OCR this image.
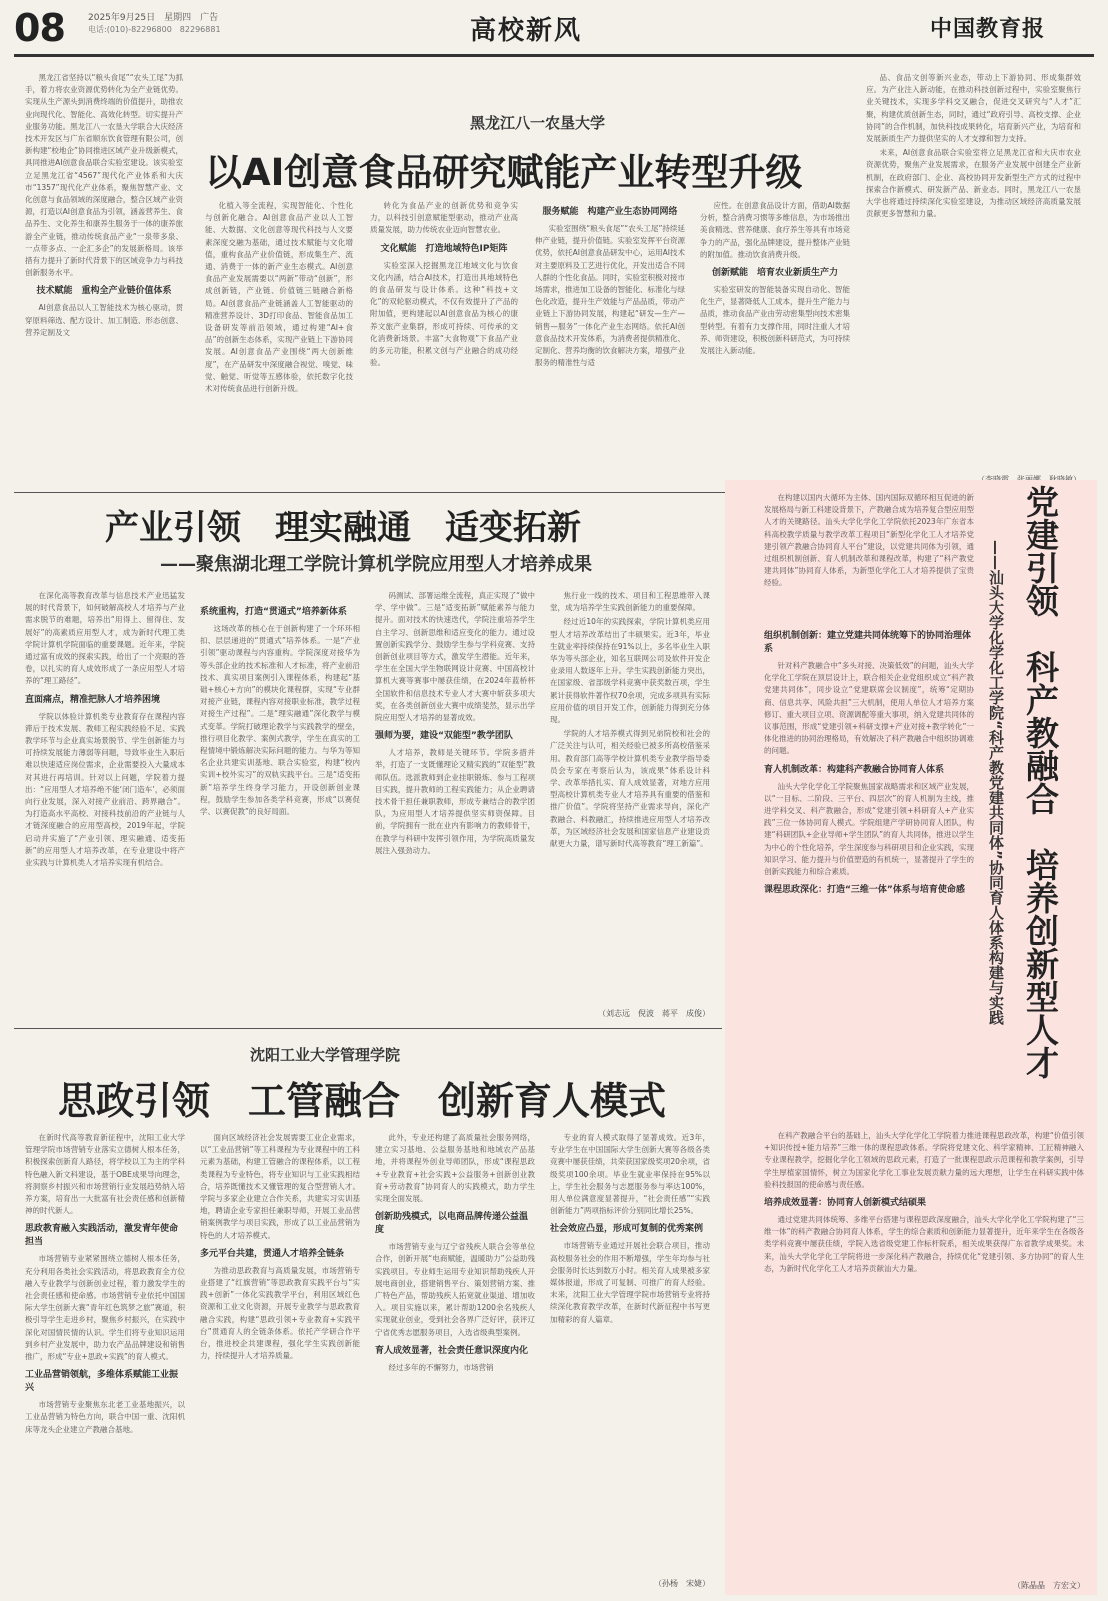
08	2025年9月25日　星期四　广告
电话:(010)-82296800　82296881	高校新风	中国教育报

黑龙江省坚持以“粮头食尾”“农头工尾”为抓手，着力将农业资源优势转化为全产业链优势。实现从生产源头到消费终端的价值提升，助推农业向现代化、智能化、高效化转型。切实提升产业服务功能。黑龙江八一农垦大学联合大庆经济技术开发区与广东省顺东饮食管理有限公司，创新构建“校地企”协同推进区域产业升级新模式，具同推进AI创意食品联合实验室建设。该实验室立足黑龙江省“4567”现代化产业体系和大庆市“1357”现代化产业体系，聚焦智慧产业、文化创意与食品领域的深度融合，整合区域产业资源，打造以AI创意食品为引领，涵盖营养生、食品养生、文化养生和康养生服务于一体的康养旅游全产业链，推动传统食品产业“一泉带多泉、一点带多点、一企汇多企”的发展新格局。该举措有力提升了新时代背景下的区域竞争力与科技创新服务水平。

技术赋能　重构全产业链价值体系

AI创意食品以人工智能技术为核心驱动，贯穿原料筛选、配方设计、加工制造、形态创意、营养定制及文

黑龙江八一农垦大学
以AI创意食品研究赋能产业转型升级

化植入等全流程，实现智能化、个性化与创新化融合。AI创意食品产业以人工智能、大数据、文化创意等现代科技与人文要素深度交融为基础，通过技术赋能与文化增值，重构食品产业价值链，形成集生产、流通、消费于一体的新产业生态模式。AI创意食品产业发展需要以“两新”带动“创新”，形成创新链，产业链、价值链三链融合新格局。AI创意食品产业链涵盖人工智能驱动的精准营养设计、3D打印食品、智能食品加工设备研发等前沿领域，通过构建“AI+食品”的创新生态体系，实现产业链上下游协同发展。AI创意食品产业围绕“两大创新维度”，在产品研发中深度融合视觉、嗅觉、味觉、触觉、听觉等五感体验，依托数字化技术对传统食品进行创新升级。

转化为食品产业的创新优势和竞争实力，以科技引创意赋能型驱动，推动产业高质量发展，助力传统农业迈向智慧农业。

文化赋能　打造地域特色IP矩阵

实验室深入挖掘黑龙江地域文化与饮食文化内涵，结合AI技术，打造出具地域特色的食品研发与设计体系。这种“科技+文化”的双轮驱动模式，不仅有效提升了产品的附加值，更构建起以AI创意食品为核心的康养文旅产业集群，形成可持续、可传承的文化消费新场景。丰富“大食物观”下食品产业的多元功能，积累文创与产业融合的成功经验。

服务赋能　构建产业生态协同网络

实验室围绕“粮头食尾”“农头工尾”持续延伸产业链，提升价值链。实验室发挥平台资源优势，依托AI创意食品研发中心，运用AI技术对主要原料及工艺进行优化，开发出适合不同人群的个性化食品。同时，实验室积极对接市场需求，推进加工设备的智能化、标准化与绿色化改造，提升生产效能与产品品质，带动产业链上下游协同发展，构建起“研发—生产—销售—服务”一体化产业生态网络。依托AI创意食品技术开发体系，为消费者提供精准化、定制化、营养均衡的饮食解决方案，增强产业服务的精准性与适

应性。在创意食品设计方面，借助AI数据分析，整合消费习惯等多维信息，为市场推出美食精选、营养健康、食疗养生等具有市场竞争力的产品，强化品牌建设，提升整体产业链的附加值。推动饮食消费升级。

创新赋能　培育农业新质生产力

实验室研发的智能装备实现自动化、智能化生产，显著降低人工成本，提升生产能力与品质，推动食品产业由劳动密集型向技术密集型转型。有着有力支撑作用，同时注重人才培养、师资建设，积极创新科研范式，为可持续发展注入新动能。

品、食品文创等新兴业态，带动上下游协同、形成集群效应。为产业注入新动能，在推动科技创新过程中，实验室聚焦行业关键技术，实现多学科交叉融合，促进交叉研究与“人才”汇聚，构建优质创新生态，同时，通过“政府引导、高校支撑、企业协同”的合作机制，加快科技成果转化，培育新兴产业，为培育和发展新质生产力提供坚实的人才支撑和智力支持。

未来，AI创意食品联合实验室将立足黑龙江省和大庆市农业资源优势，聚焦产业发展需求，在服务产业发展中创建全产业新机制，在政府部门、企业、高校协同开发新型生产方式的过程中探索合作新模式、研发新产品、新业态。同时，黑龙江八一农垦大学也将通过持续深化实验室建设，为推动区域经济高质量发展贡献更多智慧和力量。

产业引领　理实融通　适变拓新
——聚焦湖北理工学院计算机学院应用型人才培养成果

在深化高等教育改革与信息技术产业迅猛发展的时代背景下，如何破解高校人才培养与产业需求脱节的难题，培养出“用得上、留得住、发展好”的高素质应用型人才，成为新时代理工类学院计算机学院面临的重要课题。近年来，学院通过富有成效的探索实践，给出了一个亮眼的答卷，以扎实的育人成效形成了一条应用型人才培养的“理工路径”。

直面痛点，精准把脉人才培养困境

学院以体验计算机类专业教育存在课程内容滞后于技术发展、教师工程实践经验不足、实践教学环节与企业真实场景脱节、学生创新能力与可持续发展能力薄弱等问题，导致毕业生入职后难以快速适应岗位需求，企业需要投入大量成本对其进行再培训。针对以上问题，学院着力提出：“应用型人才培养绝不能‘闭门造车’，必须面向行业发展，深入对接产业前沿、跨界融合”。为打造高水平高校、对接科技前沿的产业链与人才链深度融合的应用型高校，2019年起，学院启动并实施了“产业引领、理实融通、适变拓新”的应用型人才培养改革，在专业建设中将产业实践与计算机类人才培养实现有机结合。

系统重构，打造“贯通式”培养新体系

这场改革的核心在于创新构建了一个环环相扣、层层递进的“贯通式”培养体系。一是“产业引领”驱动课程与内容重构。学院深度对接华为等头部企业的技术标准和人才标准，将产业前沿技术、真实项目案例引入课程体系，构建起“基础+核心+方向”的模块化课程群，实现“专业群对接产业链，课程内容对接职业标准，教学过程对接生产过程”。二是“理实融通”深化教学与模式变革。学院打破理论教学与实践教学的壁垒，推行项目化教学、案例式教学，学生在真实的工程情境中锻炼解决实际问题的能力。与华为等知名企业共建实训基地、联合实验室，构建“校内实训+校外实习”的双轨实践平台。三是“适变拓新”培养学生终身学习能力，开设创新创业课程，鼓励学生参加各类学科竞赛，形成“以赛促学、以赛促教”的良好局面。

码测试、部署运维全流程，真正实现了“做中学、学中做”。三是“适变拓新”赋能素养与能力提升。面对技术的快速迭代，学院注重培养学生自主学习、创新思维和适应变化的能力。通过设置创新实践学分、鼓励学生参与学科竞赛、支持创新创业项目等方式，激发学生潜能。近年来，学生在全国大学生物联网设计竞赛、中国高校计算机大赛等赛事中屡获佳绩，在2024年蓝桥杯全国软件和信息技术专业人才大赛中斩获多项大奖，在各类创新创业大赛中成绩斐然，显示出学院应用型人才培养的显著成效。

强师为要，建设“双能型”教学团队

人才培养，教师是关键环节。学院多措并举，打造了一支既懂理论又精实践的“双能型”教师队伍。选派教师到企业挂职锻炼、参与工程项目实践，提升教师的工程实践能力；从企业聘请技术骨干担任兼职教师，形成专兼结合的教学团队，为应用型人才培养提供坚实师资保障。目前，学院拥有一批在业内有影响力的教师骨干，在教学与科研中发挥引领作用，为学院高质量发展注入强劲动力。

焦行业一线的技术、项目和工程思维带入课堂，成为培养学生实践创新能力的重要保障。

经过近10年的实践探索，学院计算机类应用型人才培养改革结出了丰硕果实。近3年，毕业生就业率持续保持在91%以上，多名毕业生入职华为等头部企业，知名互联网公司及软件开发企业录用人数逐年上升。学生实践创新能力突出，在国家级、省部级学科竞赛中获奖数百项，学生累计获得软件著作权70余项，完成多项具有实际应用价值的项目开发工作，创新能力得到充分体现。

学院的人才培养模式得到兄弟院校和社会的广泛关注与认可，相关经验已被多所高校借鉴采用。教育部门高等学校计算机类专业教学指导委员会专家在考察后认为，该成果“体系设计科学、改革举措扎实、育人成效显著，对地方应用型高校计算机类专业人才培养具有重要的借鉴和推广价值”。学院将坚持产业需求导向，深化产教融合、科教融汇，持续推进应用型人才培养改革，为区域经济社会发展和国家信息产业建设贡献更大力量，谱写新时代高等教育“理工新篇”。

（刘志远　倪波　蒋平　成俊）
沈阳工业大学管理学院
思政引领　工管融合　创新育人模式

在新时代高等教育新征程中，沈阳工业大学管理学院市场营销专业落实立德树人根本任务，积极探索创新育人路径，将学校以工为主的学科特色融入新文科建设，基于OBE成果导向理念，将洞察乡村振兴和市场营销行业发展趋势纳入培养方案，培育出一大批富有社会责任感和创新精神的时代新人。

思政教育融入实践活动，激发青年使命担当

市场营销专业紧紧围绕立德树人根本任务，充分利用各类社会实践活动，将思政教育全方位融入专业教学与创新创业过程，着力激发学生的社会责任感和使命感。市场营销专业依托中国国际大学生创新大赛“青年红色筑梦之旅”赛道，积极引导学生走进乡村，聚焦乡村振兴，在实践中深化对国情民情的认识。学生们将专业知识运用到乡村产业发展中，助力农产品品牌建设和销售推广，形成“专业+思政+实践”的育人模式。

工业品营销领航，多维体系赋能工业振兴

市场营销专业聚焦东北老工业基地振兴，以工业品营销为特色方向，联合中国一重、沈阳机床等龙头企业建立产教融合基地。

面向区域经济社会发展需要工业企业需求，以“工业品营销”等工科课程为专业课程中的工科元素为基础，构建工管融合的课程体系，以工程类课程为专业特色，将专业知识与工业实践相结合，培养既懂技术又懂管理的复合型营销人才。学院与多家企业建立合作关系，共建实习实训基地，聘请企业专家担任兼职导师，开展工业品营销案例教学与项目实践，形成了以工业品营销为特色的人才培养模式。

多元平台共建，贯通人才培养全链条

为推动思政教育与高质量发展，市场营销专业搭建了“红旗营销”等思政教育实践平台与“实践+创新”一体化实践教学平台，利用区域红色资源和工业文化资源，开展专业教学与思政教育融合实践，构建“思政引领+专业教育+实践平台”贯通育人的全链条体系。依托产学研合作平台，推进校企共建课程，强化学生实践创新能力，持续提升人才培养质量。

此外，专业还构建了高质量社会服务网络，建立实习基地、公益服务基地和地域农产品基地，并将课程外创业导师团队，形成“课程思政+专业教育+社会实践+公益服务+创新创业教育+劳动教育”协同育人的实践模式，助力学生实现全面发展。

创新助残模式，以电商品牌传递公益温度

市场营销专业与辽宁省残疾人联合会等单位合作，创新开展“电商赋能，温暖助力”公益助残实践项目。专业师生运用专业知识帮助残疾人开展电商创业，搭建销售平台、策划营销方案、推广特色产品，帮助残疾人拓宽就业渠道、增加收入。项目实施以来，累计帮助1200余名残疾人实现就业创业，受到社会各界广泛好评，获评辽宁省优秀志愿服务项目，入选省级典型案例。

育人成效显著，社会责任意识深度内化

经过多年的不懈努力，市场营销

专业的育人模式取得了显著成效。近3年，专业学生在中国国际大学生创新大赛等各级各类竞赛中屡获佳绩，共荣获国家级奖项20余项，省级奖项100余项。毕业生就业率保持在95%以上，学生社会服务与志愿服务参与率达100%，用人单位满意度显著提升，“社会责任感”“实践创新能力”两项指标评价分别同比增长25%。

社会效应凸显，形成可复制的优秀案例

市场营销专业通过开展社会联合项目，推动高校服务社会的作用不断增强，学生年均参与社会服务时长达到数万小时。相关育人成果被多家媒体报道，形成了可复制、可推广的育人经验。未来，沈阳工业大学管理学院市场营销专业将持续深化教育教学改革，在新时代新征程中书写更加精彩的育人篇章。

（孙杨　宋婕）
党建引领　科产教融合　培养创新型人才
——汕头大学化学化工学院“科产教党建共同体”协同育人体系构建与实践

在构建以国内大循环为主体、国内国际双循环相互促进的新发展格局与新工科建设背景下，产教融合成为培养复合型应用型人才的关键路径。汕头大学化学化工学院依托2023年广东省本科高校教学质量与教学改革工程项目“新型化学化工人才培养党建引领产教融合协同育人平台”建设，以党建共同体为引领，通过组织机制创新、育人机制改革和课程改革，构建了“科产教党建共同体”协同育人体系，为新型化学化工人才培养提供了宝贵经验。

组织机制创新：建立党建共同体统筹下的协同治理体系

针对科产教融合中“多头对接、决策低效”的问题，汕头大学化学化工学院在顶层设计上，联合相关企业党组织成立“科产教党建共同体”，同步设立“党建联席会议制度”，统筹“定期协商、信息共享、风险共担”三大机制，使用人单位人才培养方案修订、重大项目立项、资源调配等重大事项，纳入党建共同体的议事范围，形成“党建引领+科研支撑+产业对接+教学转化”一体化推进的协同治理格局，有效解决了科产教融合中组织协调难的问题。

育人机制改革：构建科产教融合协同育人体系

汕头大学化学化工学院聚焦国家战略需求和区域产业发展，以“一目标、二阶段、三平台、四层次”的育人机制为主线，推进学科交叉、科产教融合，形成“党建引领+科研育人+产业实践”三位一体协同育人模式。学院组建产学研协同育人团队，构建“科研团队+企业导师+学生团队”的育人共同体，推进以学生为中心的个性化培养，学生深度参与科研项目和企业实践，实现知识学习、能力提升与价值塑造的有机统一，显著提升了学生的创新实践能力和综合素质。

课程思政深化：打造“三维一体”体系与培育使命感

在科产教融合平台的基础上，汕头大学化学化工学院着力推进课程思政改革，构建“价值引领+知识传授+能力培养”三维一体的课程思政体系。学院将党建文化、科学家精神、工匠精神融入专业课程教学，挖掘化学化工领域的思政元素，打造了一批课程思政示范课程和教学案例，引导学生厚植家国情怀，树立为国家化学化工事业发展贡献力量的远大理想，让学生在科研实践中体验科技报国的使命感与责任感。

培养成效显著：协同育人创新模式结硕果

通过党建共同体统筹、多维平台搭建与课程思政深度融合，汕头大学化学化工学院构建了“三维一体”的科产教融合协同育人体系，学生的综合素质和创新能力显著提升，近年来学生在各级各类学科竞赛中屡获佳绩，学院入选省级党建工作标杆院系，相关成果获得广东省教学成果奖。未来，汕头大学化学化工学院将进一步深化科产教融合，持续优化“党建引领、多方协同”的育人生态，为新时代化学化工人才培养贡献汕大力量。

（陈晶晶　方宏文）
